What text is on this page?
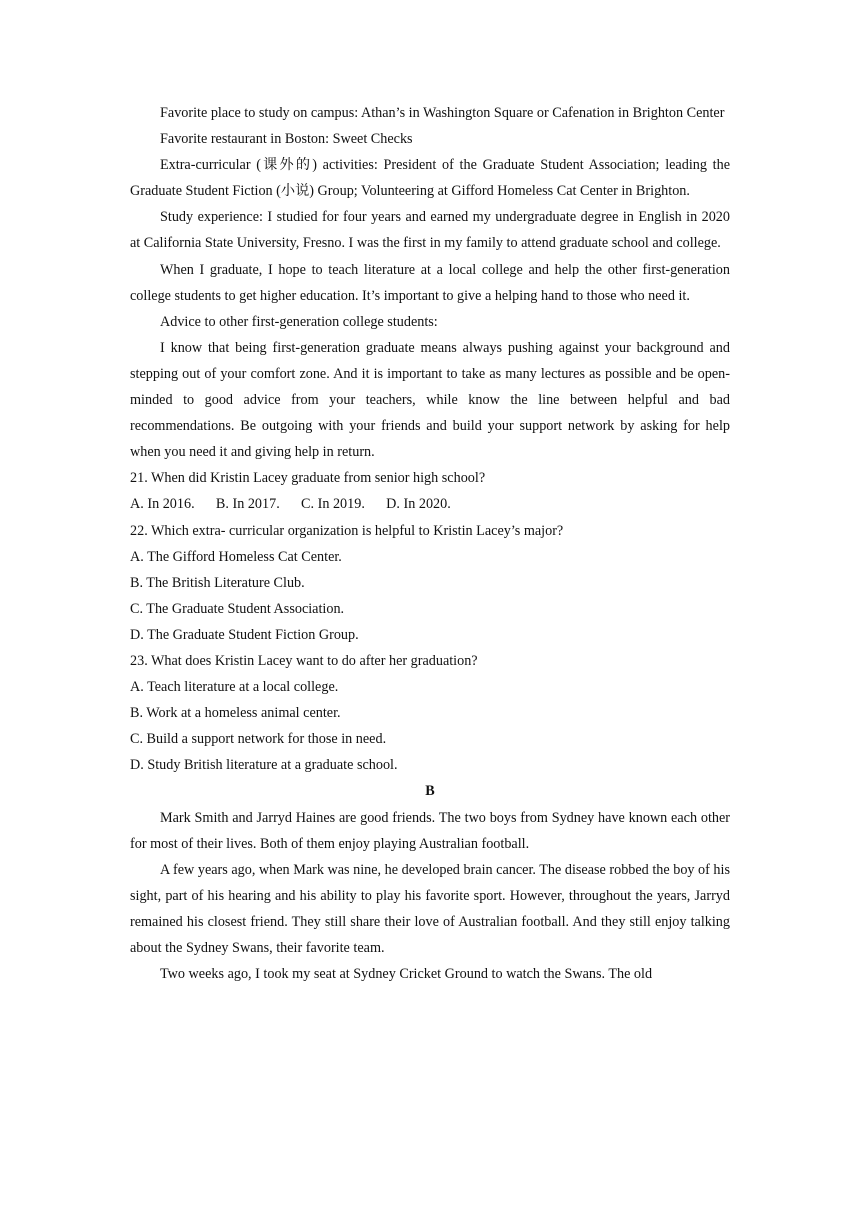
Favorite place to study on campus: Athan’s in Washington Square or Cafenation in Brighton Center

Favorite restaurant in Boston: Sweet Checks

Extra-curricular (课外的) activities: President of the Graduate Student Association; leading the Graduate Student Fiction (小说) Group; Volunteering at Gifford Homeless Cat Center in Brighton.

Study experience: I studied for four years and earned my undergraduate degree in English in 2020 at California State University, Fresno. I was the first in my family to attend graduate school and college.

When I graduate, I hope to teach literature at a local college and help the other first-generation college students to get higher education. It’s important to give a helping hand to those who need it.

Advice to other first-generation college students:

I know that being first-generation graduate means always pushing against your background and stepping out of your comfort zone. And it is important to take as many lectures as possible and be open-minded to good advice from your teachers, while know the line between helpful and bad recommendations. Be outgoing with your friends and build your support network by asking for help when you need it and giving help in return.

21. When did Kristin Lacey graduate from senior high school?

A. In 2016.      B. In 2017.      C. In 2019.      D. In 2020.

22. Which extra- curricular organization is helpful to Kristin Lacey’s major?

A. The Gifford Homeless Cat Center.

B. The British Literature Club.

C. The Graduate Student Association.

D. The Graduate Student Fiction Group.

23. What does Kristin Lacey want to do after her graduation?

A. Teach literature at a local college.

B. Work at a homeless animal center.

C. Build a support network for those in need.

D. Study British literature at a graduate school.

B

Mark Smith and Jarryd Haines are good friends. The two boys from Sydney have known each other for most of their lives. Both of them enjoy playing Australian football.

A few years ago, when Mark was nine, he developed brain cancer. The disease robbed the boy of his sight, part of his hearing and his ability to play his favorite sport. However, throughout the years, Jarryd remained his closest friend. They still share their love of Australian football. And they still enjoy talking about the Sydney Swans, their favorite team.

Two weeks ago, I took my seat at Sydney Cricket Ground to watch the Swans. The old
